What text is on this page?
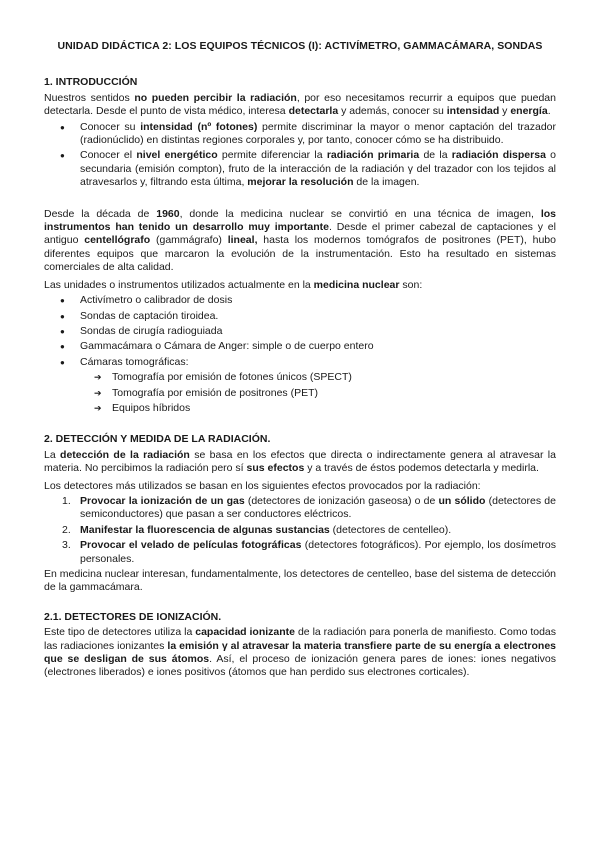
UNIDAD DIDÁCTICA 2: LOS EQUIPOS TÉCNICOS (I): ACTIVÍMETRO, GAMMACÁMARA, SONDAS
1. INTRODUCCIÓN

Nuestros sentidos no pueden percibir la radiación, por eso necesitamos recurrir a equipos que puedan detectarla. Desde el punto de vista médico, interesa detectarla y además, conocer su intensidad y energía.

● Conocer su intensidad (nº fotones) permite discriminar la mayor o menor captación del trazador (radionúclido) en distintas regiones corporales y, por tanto, conocer cómo se ha distribuido.
● Conocer el nivel energético permite diferenciar la radiación primaria de la radiación dispersa o secundaria (emisión compton), fruto de la interacción de la radiación γ del trazador con los tejidos al atravesarlos y, filtrando esta última, mejorar la resolución de la imagen.

Desde la década de 1960, donde la medicina nuclear se convirtió en una técnica de imagen, los instrumentos han tenido un desarrollo muy importante. Desde el primer cabezal de captaciones y el antiguo centellógrafo (gammágrafo) lineal, hasta los modernos tomógrafos de positrones (PET), hubo diferentes equipos que marcaron la evolución de la instrumentación. Esto ha resultado en sistemas comerciales de alta calidad.

Las unidades o instrumentos utilizados actualmente en la medicina nuclear son:

● Activímetro o calibrador de dosis
● Sondas de captación tiroidea.
● Sondas de cirugía radioguiada
● Gammacámara o Cámara de Anger: simple o de cuerpo entero
● Cámaras tomográficas:
➔ Tomografía por emisión de fotones únicos (SPECT)
➔ Tomografía por emisión de positrones (PET)
➔ Equipos híbridos
2. DETECCIÓN Y MEDIDA DE LA RADIACIÓN.

La detección de la radiación se basa en los efectos que directa o indirectamente genera al atravesar la materia. No percibimos la radiación pero sí sus efectos y a través de éstos podemos detectarla y medirla.

Los detectores más utilizados se basan en los siguientes efectos provocados por la radiación:

1. Provocar la ionización de un gas (detectores de ionización gaseosa) o de un sólido (detectores de semiconductores) que pasan a ser conductores eléctricos.
2. Manifestar la fluorescencia de algunas sustancias (detectores de centelleo).
3. Provocar el velado de películas fotográficas (detectores fotográficos). Por ejemplo, los dosímetros personales.

En medicina nuclear interesan, fundamentalmente, los detectores de centelleo, base del sistema de detección de la gammacámara.

2.1. DETECTORES DE IONIZACIÓN.

Este tipo de detectores utiliza la capacidad ionizante de la radiación para ponerla de manifiesto. Como todas las radiaciones ionizantes la emisión γ al atravesar la materia transfiere parte de su energía a electrones que se desligan de sus átomos. Así, el proceso de ionización genera pares de iones: iones negativos (electrones liberados) e iones positivos (átomos que han perdido sus electrones corticales).
